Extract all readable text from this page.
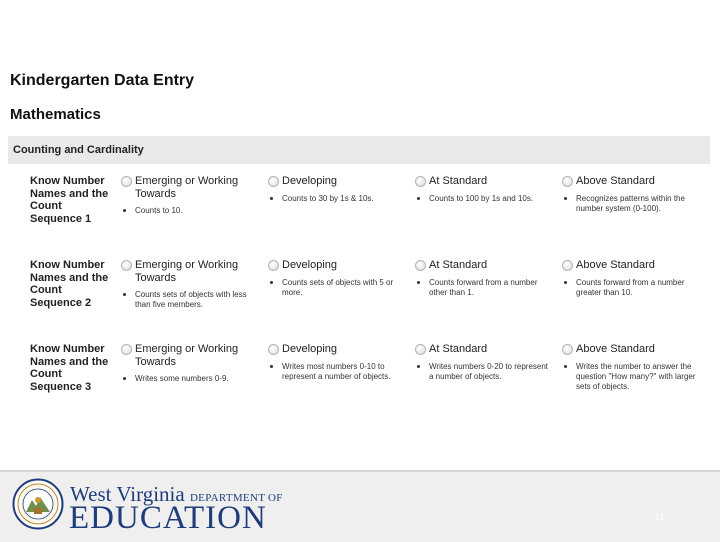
Kindergarten Data Entry
Mathematics
Counting and Cardinality
Know Number Names and the Count Sequence 1
Emerging or Working Towards
Counts to 10.
Developing
Counts to 30 by 1s & 10s.
At Standard
Counts to 100 by 1s and 10s.
Above Standard
Recognizes patterns within the number system (0-100).
Know Number Names and the Count Sequence 2
Emerging or Working Towards
Counts sets of objects with less than five members.
Developing
Counts sets of objects with 5 or more.
At Standard
Counts forward from a number other than 1.
Above Standard
Counts forward from a number greater than 10.
Know Number Names and the Count Sequence 3
Emerging or Working Towards
Writes some numbers 0-9.
Developing
Writes most numbers 0-10 to represent a number of objects.
At Standard
Writes numbers 0-20 to represent a number of objects.
Above Standard
Writes the number to answer the question "How many?" with larger sets of objects.
West Virginia DEPARTMENT OF
EDUCATION	11
